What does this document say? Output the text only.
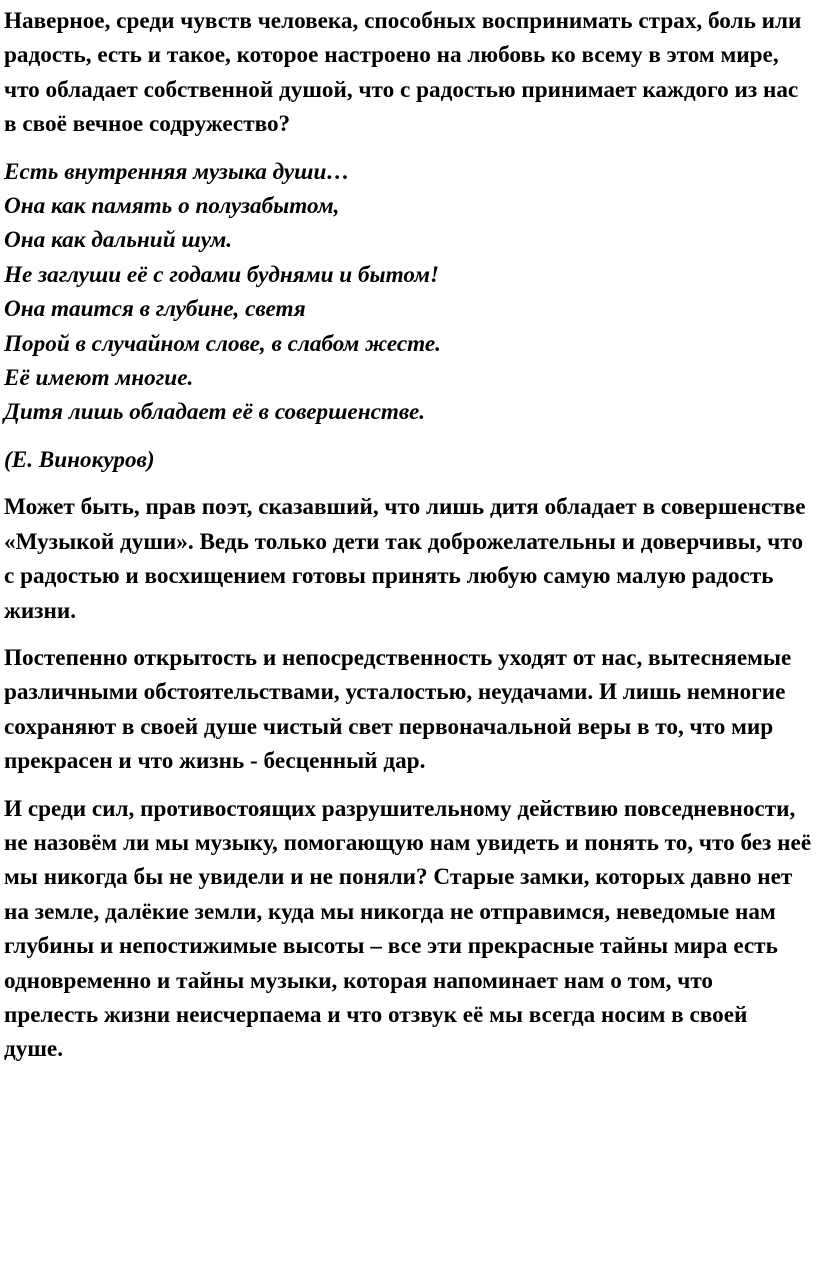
Наверное, среди чувств человека, способных воспринимать страх, боль или радость, есть и такое, которое настроено на любовь ко всему в этом мире, что обладает собственной душой, что с радостью принимает каждого из нас в своё вечное содружество?

Есть внутренняя музыка души…
Она как память о полузабытом,
Она как дальний шум.
Не заглуши её с годами буднями и бытом!
Она таится в глубине, светя
Порой в случайном слове, в слабом жесте.
Её имеют многие.
Дитя лишь обладает её в совершенстве.

(Е. Винокуров)

Может быть, прав поэт, сказавший, что лишь дитя обладает в совершенстве «Музыкой души». Ведь только дети так доброжелательны и доверчивы, что с радостью и восхищением готовы принять любую самую малую радость жизни.

Постепенно открытость и непосредственность уходят от нас, вытесняемые различными обстоятельствами, усталостью, неудачами. И лишь немногие сохраняют в своей душе чистый свет первоначальной веры в то, что мир прекрасен и что жизнь - бесценный дар.

И среди сил, противостоящих разрушительному действию повседневности, не назовём ли мы музыку, помогающую нам увидеть и понять то, что без неё мы никогда бы не увидели и не поняли? Старые замки, которых давно нет на земле, далёкие земли, куда мы никогда не отправимся, неведомые нам глубины и непостижимые высоты – все эти прекрасные тайны мира есть одновременно и тайны музыки, которая напоминает нам о том, что прелесть жизни неисчерпаема и что отзвук её мы всегда носим в своей душе.
